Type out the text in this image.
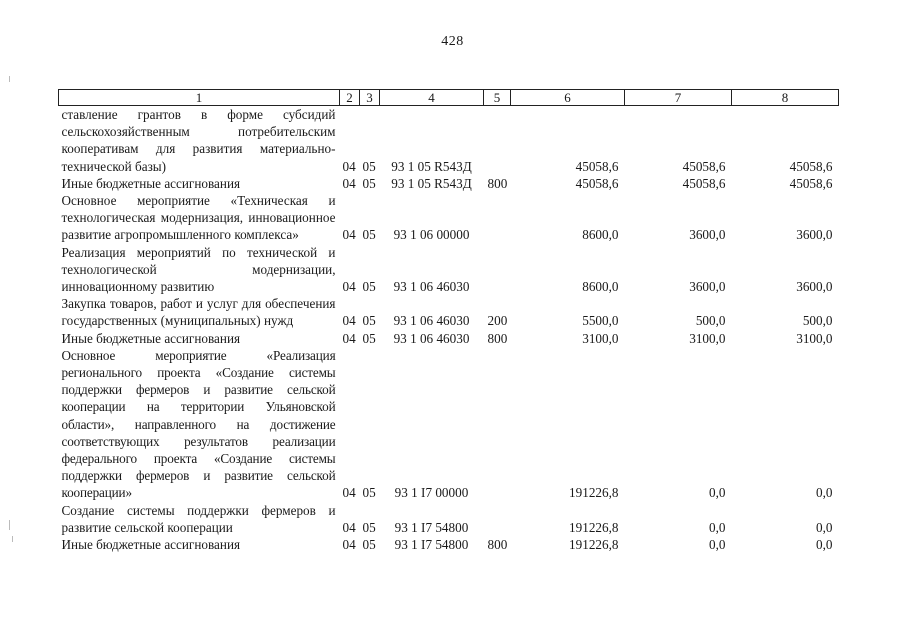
428
1	2	3	4	5	6	7	8
ставление грантов в форме субсидий сельскохозяйственным потребительским кооперативам для развития материально-технической базы)	04	05	93 1 05 R543Д		45058,6	45058,6	45058,6
Иные бюджетные ассигнования	04	05	93 1 05 R543Д	800	45058,6	45058,6	45058,6
Основное мероприятие «Техническая и технологическая модернизация, инновационное развитие агропромышленного комплекса»	04	05	93 1 06 00000		8600,0	3600,0	3600,0
Реализация мероприятий по технической и технологической модернизации, инновационному развитию	04	05	93 1 06 46030		8600,0	3600,0	3600,0
Закупка товаров, работ и услуг для обеспечения государственных (муниципальных) нужд	04	05	93 1 06 46030	200	5500,0	500,0	500,0
Иные бюджетные ассигнования	04	05	93 1 06 46030	800	3100,0	3100,0	3100,0
Основное мероприятие «Реализация регионального проекта «Создание системы поддержки фермеров и развитие сельской кооперации на территории Ульяновской области», направленного на достижение соответствующих результатов реализации федерального проекта «Создание системы поддержки фермеров и развитие сельской кооперации»	04	05	93 1 I7 00000		191226,8	0,0	0,0
Создание системы поддержки фермеров и развитие сельской кооперации	04	05	93 1 I7 54800		191226,8	0,0	0,0
Иные бюджетные ассигнования	04	05	93 1 I7 54800	800	191226,8	0,0	0,0
